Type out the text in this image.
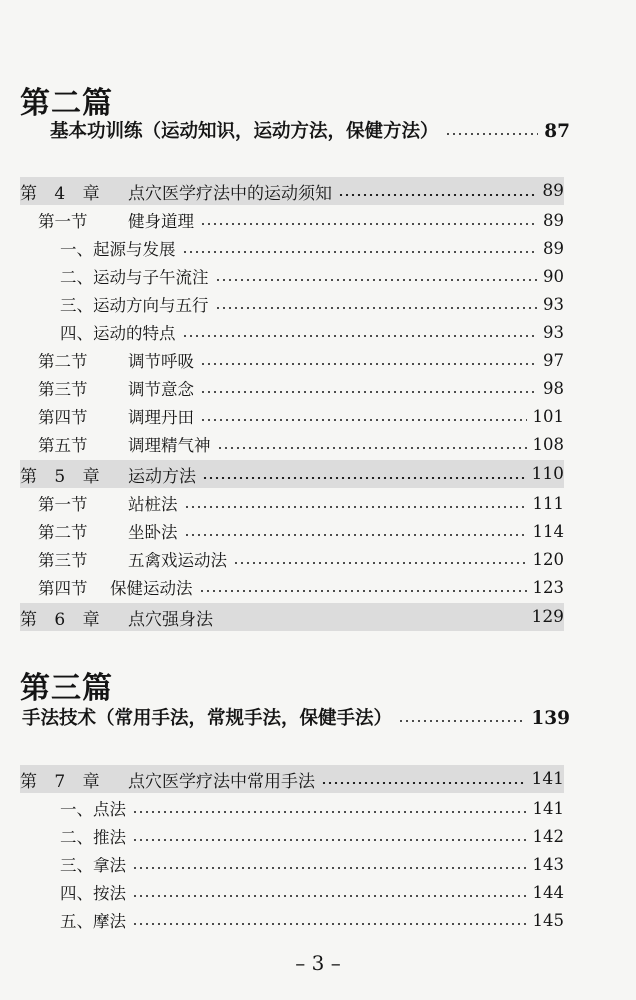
第二篇
基本功训练（运动知识，运动方法，保健方法）	87
第 4 章	点穴医学疗法中的运动须知	89
第一节	健身道理	89
一、起源与发展	89
二、运动与子午流注	90
三、运动方向与五行	93
四、运动的特点	93
第二节	调节呼吸	97
第三节	调节意念	98
第四节	调理丹田	101
第五节	调理精气神	108
第 5 章	运动方法	110
第一节	站桩法	111
第二节	坐卧法	114
第三节	五禽戏运动法	120
第四节	保健运动法	123
第 6 章	点穴强身法	129
第三篇
手法技术（常用手法，常规手法，保健手法）	139
第 7 章	点穴医学疗法中常用手法	141
一、点法	141
二、推法	142
三、拿法	143
四、按法	144
五、摩法	145
– 3 –
